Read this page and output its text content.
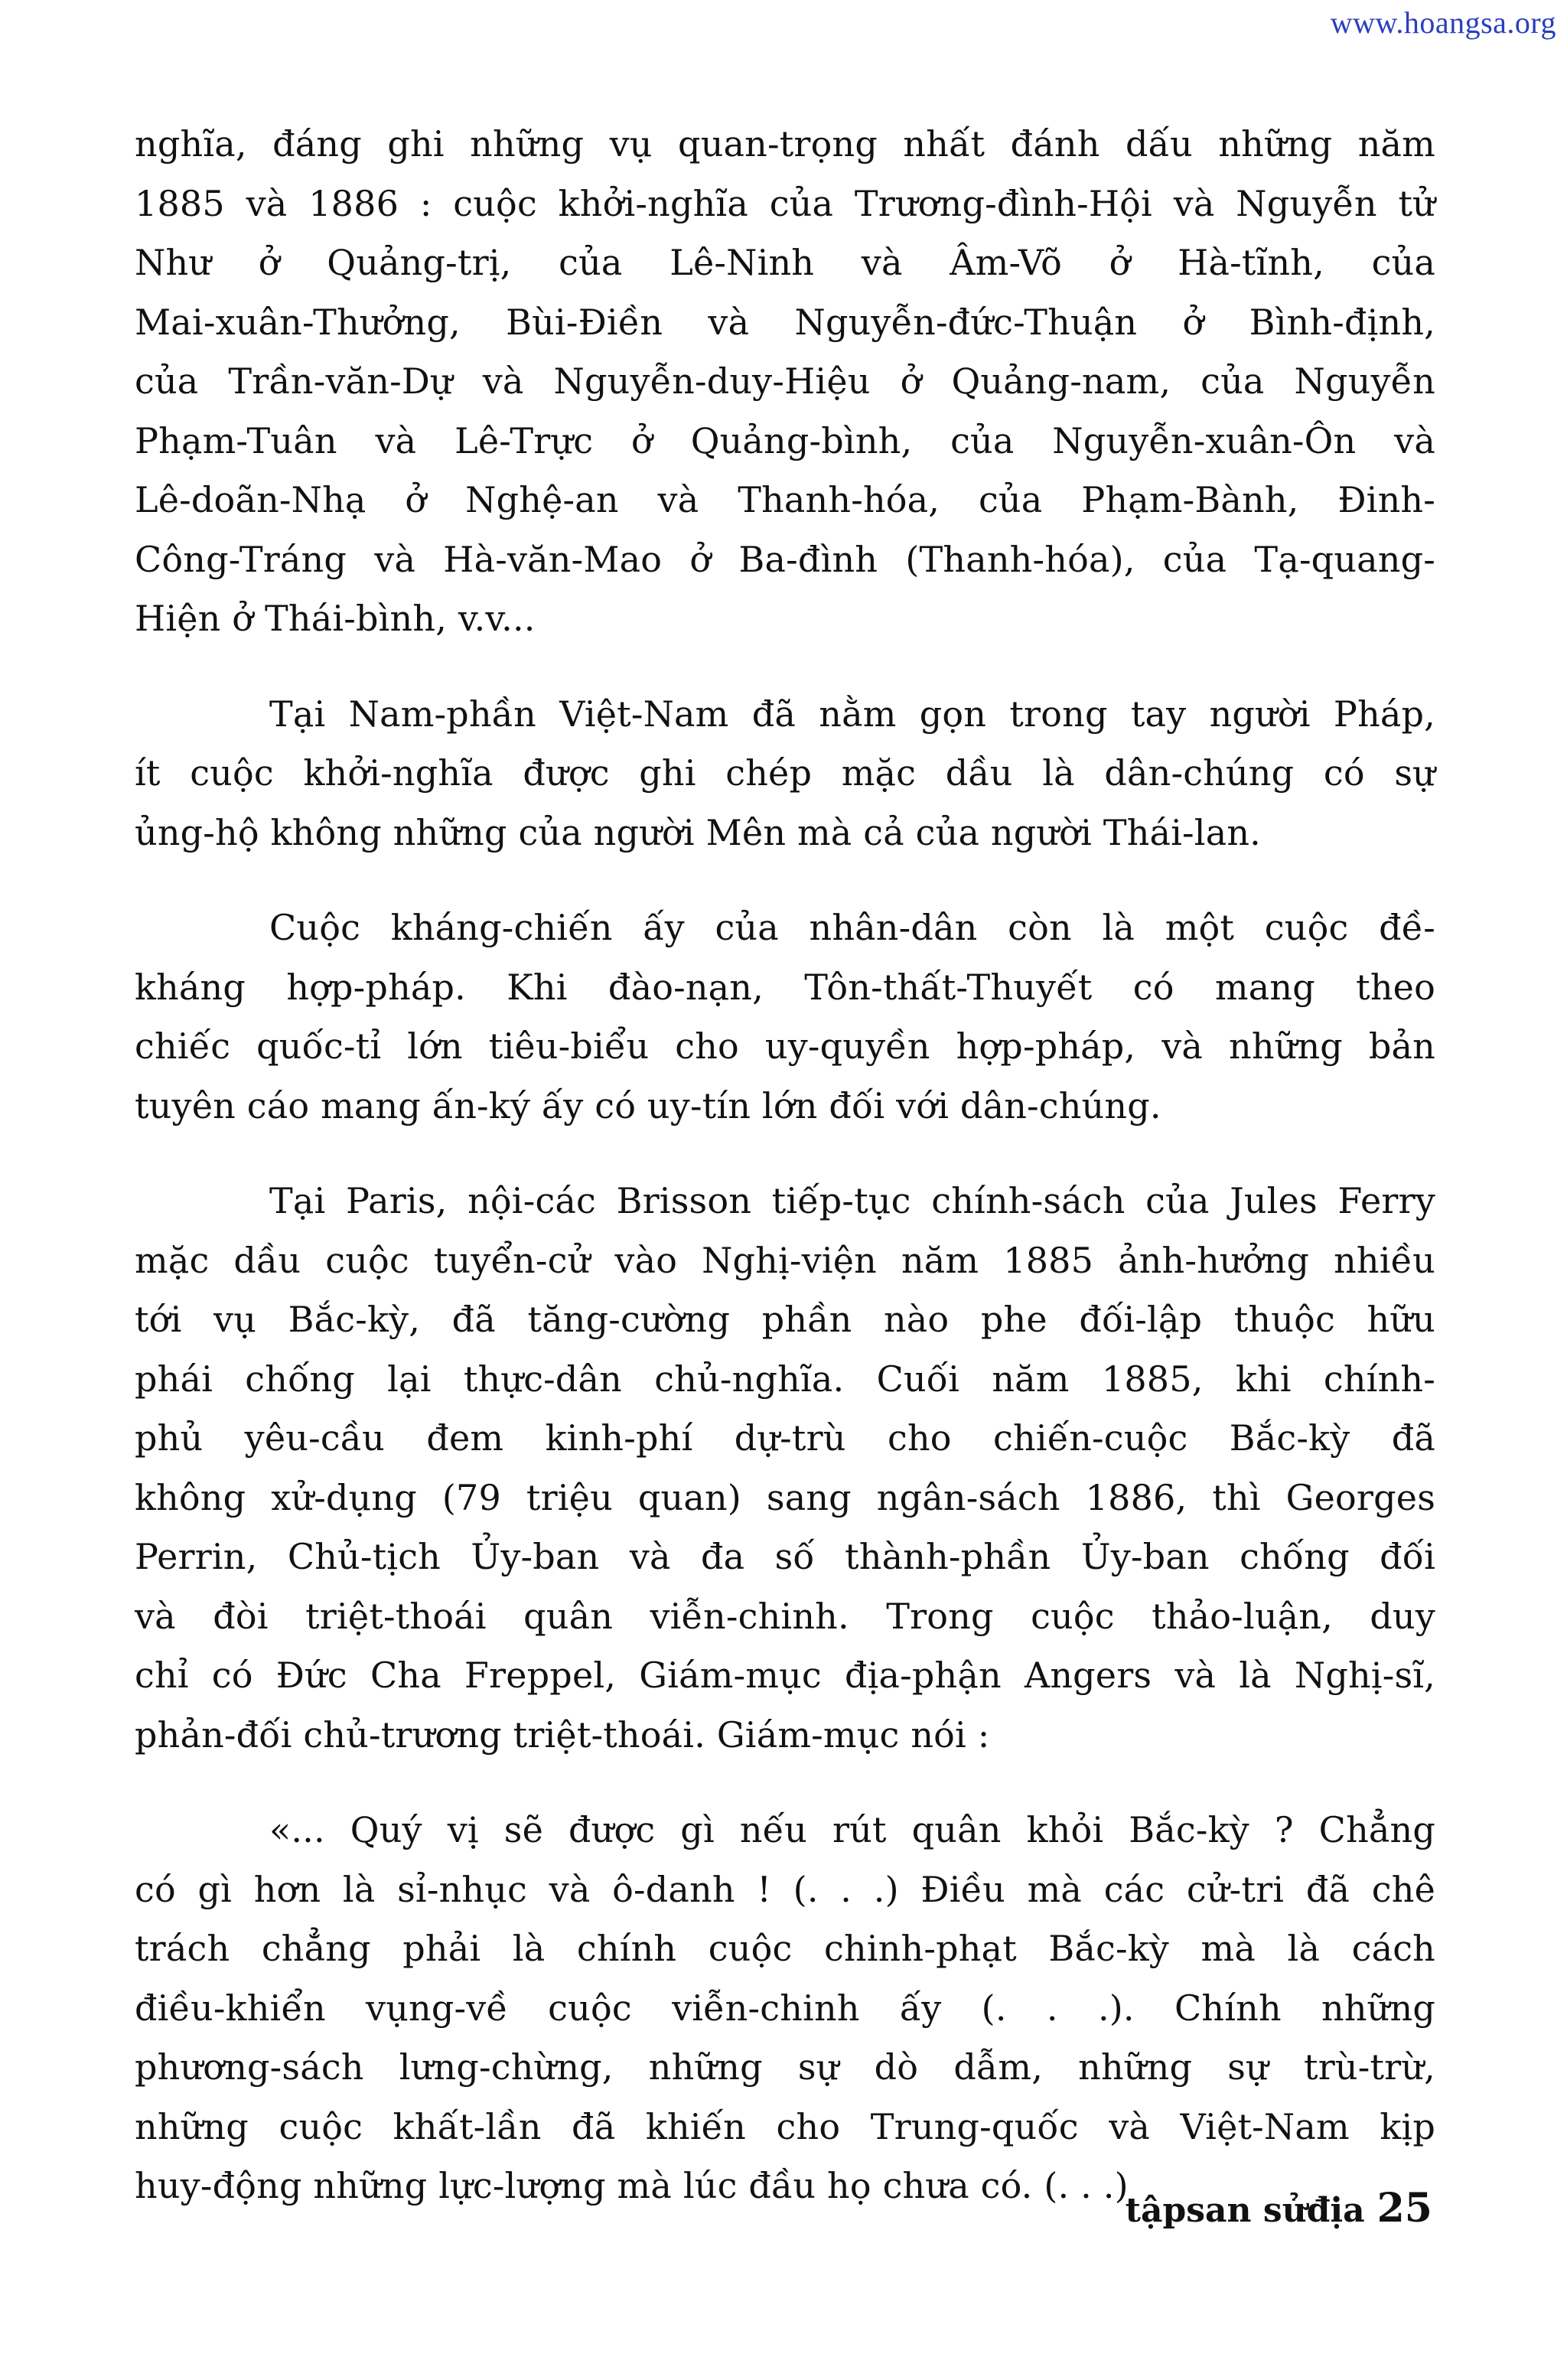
www.hoangsa.org
nghĩa, đáng ghi những vụ quan-trọng nhất đánh dấu những năm
1885 và 1886 : cuộc khởi-nghĩa của Trương-đình-Hội và Nguyễn tử
Như ở Quảng-trị, của Lê-Ninh và Âm-Võ ở Hà-tĩnh, của
Mai-xuân-Thưởng, Bùi-Điền và Nguyễn-đức-Thuận ở Bình-định,
của Trần-văn-Dự và Nguyễn-duy-Hiệu ở Quảng-nam, của Nguyễn
Phạm-Tuân và Lê-Trực ở Quảng-bình, của Nguyễn-xuân-Ôn và
Lê-doãn-Nhạ ở Nghệ-an và Thanh-hóa, của Phạm-Bành, Đinh-
Công-Tráng và Hà-văn-Mao ở Ba-đình (Thanh-hóa), của Tạ-quang-
Hiện ở Thái-bình, v.v...
Tại Nam-phần Việt-Nam đã nằm gọn trong tay người Pháp,
ít cuộc khởi-nghĩa được ghi chép mặc dầu là dân-chúng có sự
ủng-hộ không những của người Mên mà cả của người Thái-lan.
Cuộc kháng-chiến ấy của nhân-dân còn là một cuộc đề-
kháng hợp-pháp. Khi đào-nạn, Tôn-thất-Thuyết có mang theo
chiếc quốc-tỉ lớn tiêu-biểu cho uy-quyền hợp-pháp, và những bản
tuyên cáo mang ấn-ký ấy có uy-tín lớn đối với dân-chúng.
Tại Paris, nội-các Brisson tiếp-tục chính-sách của Jules Ferry
mặc dầu cuộc tuyển-cử vào Nghị-viện năm 1885 ảnh-hưởng nhiều
tới vụ Bắc-kỳ, đã tăng-cường phần nào phe đối-lập thuộc hữu
phái chống lại thực-dân chủ-nghĩa. Cuối năm 1885, khi chính-
phủ yêu-cầu đem kinh-phí dự-trù cho chiến-cuộc Bắc-kỳ đã
không xử-dụng (79 triệu quan) sang ngân-sách 1886, thì Georges
Perrin, Chủ-tịch Ủy-ban và đa số thành-phần Ủy-ban chống đối
và đòi triệt-thoái quân viễn-chinh. Trong cuộc thảo-luận, duy
chỉ có Đức Cha Freppel, Giám-mục địa-phận Angers và là Nghị-sĩ,
phản-đối chủ-trương triệt-thoái. Giám-mục nói :
«... Quý vị sẽ được gì nếu rút quân khỏi Bắc-kỳ ? Chẳng
có gì hơn là sỉ-nhục và ô-danh ! (. . .) Điều mà các cử-tri đã chê
trách chẳng phải là chính cuộc chinh-phạt Bắc-kỳ mà là cách
điều-khiển vụng-về cuộc viễn-chinh ấy (. . .). Chính những
phương-sách lưng-chừng, những sự dò dẫm, những sự trù-trừ,
những cuộc khất-lần đã khiến cho Trung-quốc và Việt-Nam kịp
huy-động những lực-lượng mà lúc đầu họ chưa có. (. . .)
tậpsan sửđịa 25
